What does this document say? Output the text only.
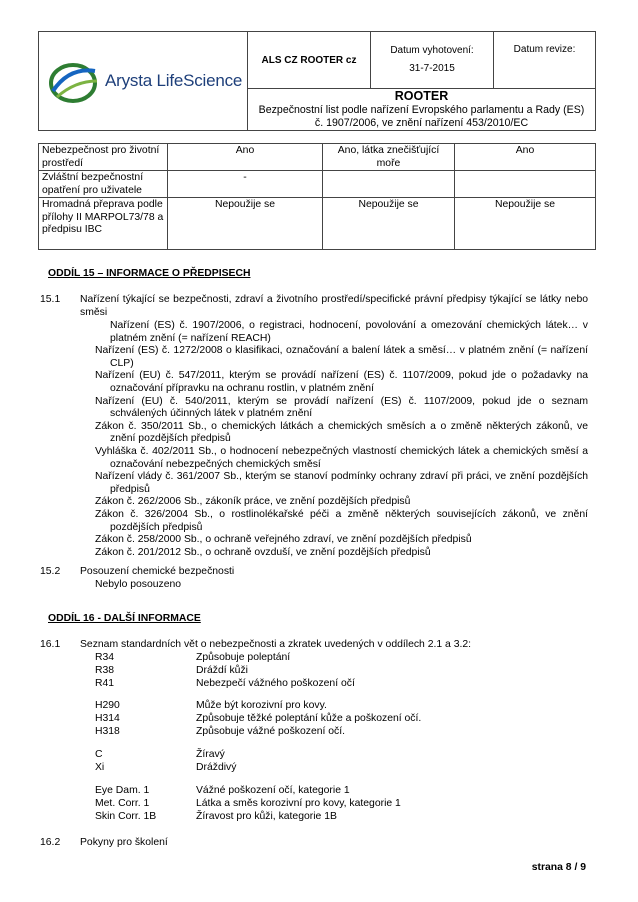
Arysta LifeScience
	ALS CZ ROOTER cz	
Datum vyhotovení:
31-7-2015
	Datum revize:

ROOTER
Bezpečnostní list podle nařízení Evropského parlamentu a Rady (ES)
č. 1907/2006, ve znění nařízení 453/2010/EC
Nebezpečnost pro životní prostředí	Ano	Ano, látka znečišťující moře	Ano
Zvláštní bezpečnostní opatření pro uživatele	-		
Hromadná přeprava podle přílohy II MARPOL73/78 a předpisu IBC	Nepoužije se	Nepoužije se	Nepoužije se
ODDÍL 15 – INFORMACE O PŘEDPISECH
15.1 Nařízení týkající se bezpečnosti, zdraví a životního prostředí/specifické právní předpisy týkající se látky nebo směsi
Nařízení (ES) č. 1907/2006, o registraci, hodnocení, povolování a omezování chemických látek… v platném znění (= nařízení REACH)
Nařízení (ES) č. 1272/2008 o klasifikaci, označování a balení látek a směsí… v platném znění (= nařízení CLP)
Nařízení (EU) č. 547/2011, kterým se provádí nařízení (ES) č. 1107/2009, pokud jde o požadavky na označování přípravku na ochranu rostlin, v platném znění
Nařízení (EU) č. 540/2011, kterým se provádí nařízení (ES) č. 1107/2009, pokud jde o seznam schválených účinných látek v platném znění
Zákon č. 350/2011 Sb., o chemických látkách a chemických směsích a o změně některých zákonů, ve znění pozdějších předpisů
Vyhláška č. 402/2011 Sb., o hodnocení nebezpečných vlastností chemických látek a chemických směsí a označování nebezpečných chemických směsí
Nařízení vlády č. 361/2007 Sb., kterým se stanoví podmínky ochrany zdraví při práci, ve znění pozdějších předpisů
Zákon č. 262/2006 Sb., zákoník práce, ve znění pozdějších předpisů
Zákon č. 326/2004 Sb., o rostlinolékařské péči a změně některých souvisejících zákonů, ve znění pozdějších předpisů
Zákon č. 258/2000 Sb., o ochraně veřejného zdraví, ve znění pozdějších předpisů
Zákon č. 201/2012 Sb., o ochraně ovzduší, ve znění pozdějších předpisů
15.2 Posouzení chemické bezpečnosti
Nebylo posouzeno
ODDÍL 16 - DALŠÍ INFORMACE
16.1 Seznam standardních vět o nebezpečnosti a zkratek uvedených v oddílech 2.1 a 3.2:
R34	Způsobuje poleptání
R38	Dráždí kůži
R41	Nebezpečí vážného poškození očí
H290	Může být korozivní pro kovy.
H314	Způsobuje těžké poleptání kůže a poškození očí.
H318	Způsobuje vážné poškození očí.
C	Žíravý
Xi	Dráždivý
Eye Dam. 1	Vážné poškození očí, kategorie 1
Met. Corr. 1	Látka a směs korozivní pro kovy, kategorie 1
Skin Corr. 1B	Žíravost pro kůži, kategorie 1B
16.2 Pokyny pro školení
strana 8 / 9
